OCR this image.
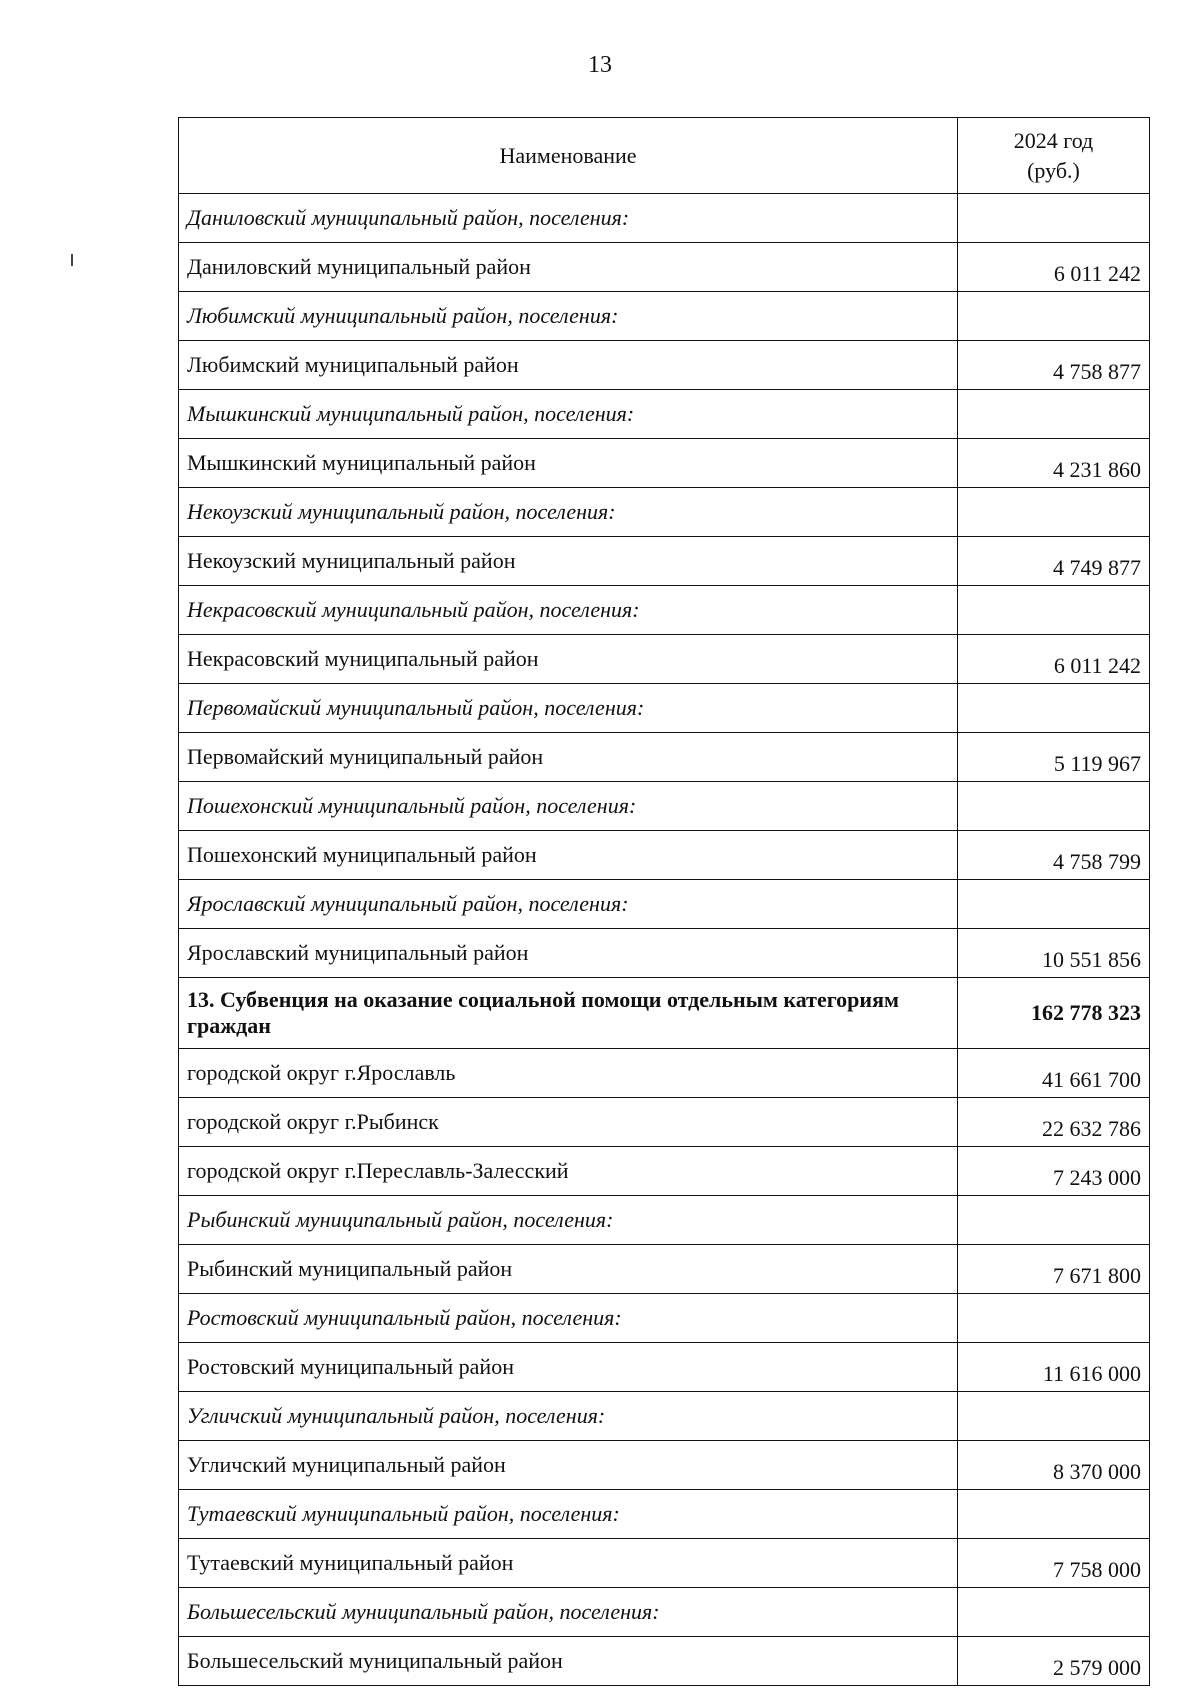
13
Наименование	2024 год
(руб.)
Даниловский муниципальный район, поселения:	
Даниловский муниципальный район	6 011 242
Любимский муниципальный район, поселения:	
Любимский муниципальный район	4 758 877
Мышкинский муниципальный район, поселения:	
Мышкинский муниципальный район	4 231 860
Некоузский муниципальный район, поселения:	
Некоузский муниципальный район	4 749 877
Некрасовский муниципальный район, поселения:	
Некрасовский муниципальный район	6 011 242
Первомайский муниципальный район, поселения:	
Первомайский муниципальный район	5 119 967
Пошехонский муниципальный район, поселения:	
Пошехонский муниципальный район	4 758 799
Ярославский муниципальный район, поселения:	
Ярославский муниципальный район	10 551 856
13. Субвенция на оказание социальной помощи отдельным категориям граждан	162 778 323
городской округ г.Ярославль	41 661 700
городской округ г.Рыбинск	22 632 786
городской округ г.Переславль-Залесский	7 243 000
Рыбинский муниципальный район, поселения:	
Рыбинский муниципальный район	7 671 800
Ростовский муниципальный район, поселения:	
Ростовский муниципальный район	11 616 000
Угличский муниципальный район, поселения:	
Угличский муниципальный район	8 370 000
Тутаевский муниципальный район, поселения:	
Тутаевский муниципальный район	7 758 000
Большесельский муниципальный район, поселения:	
Большесельский муниципальный район	2 579 000
